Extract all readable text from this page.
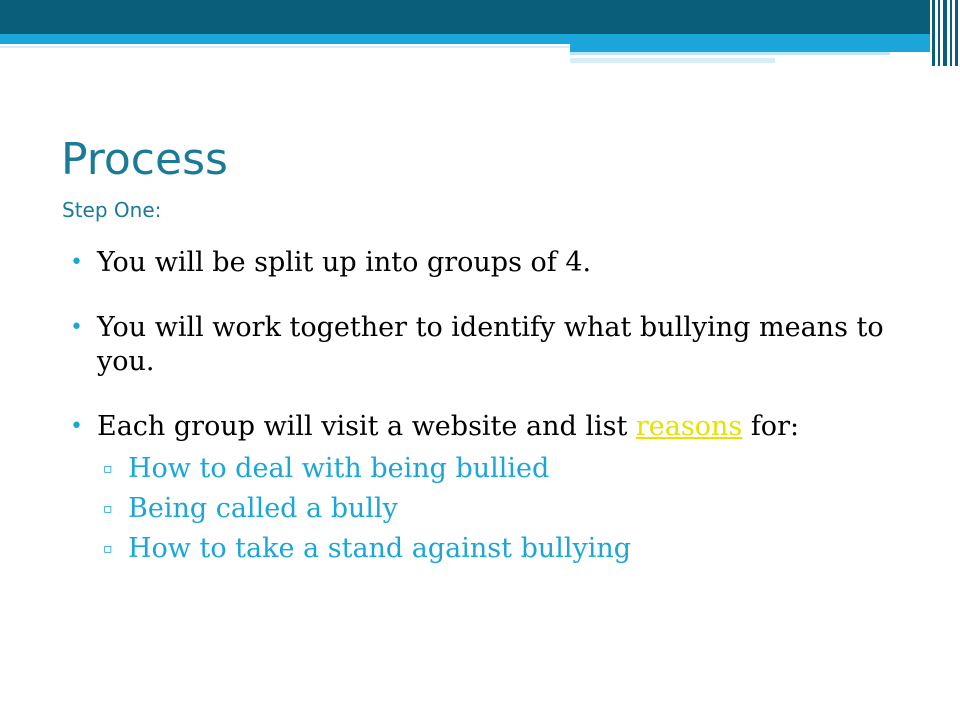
Process
Step One:
• You will be split up into groups of 4.
• You will work together to identify what bullying means to you.
• Each group will visit a website and list reasons for:
▫ How to deal with being bullied
▫ Being called a bully
▫ How to take a stand against bullying
